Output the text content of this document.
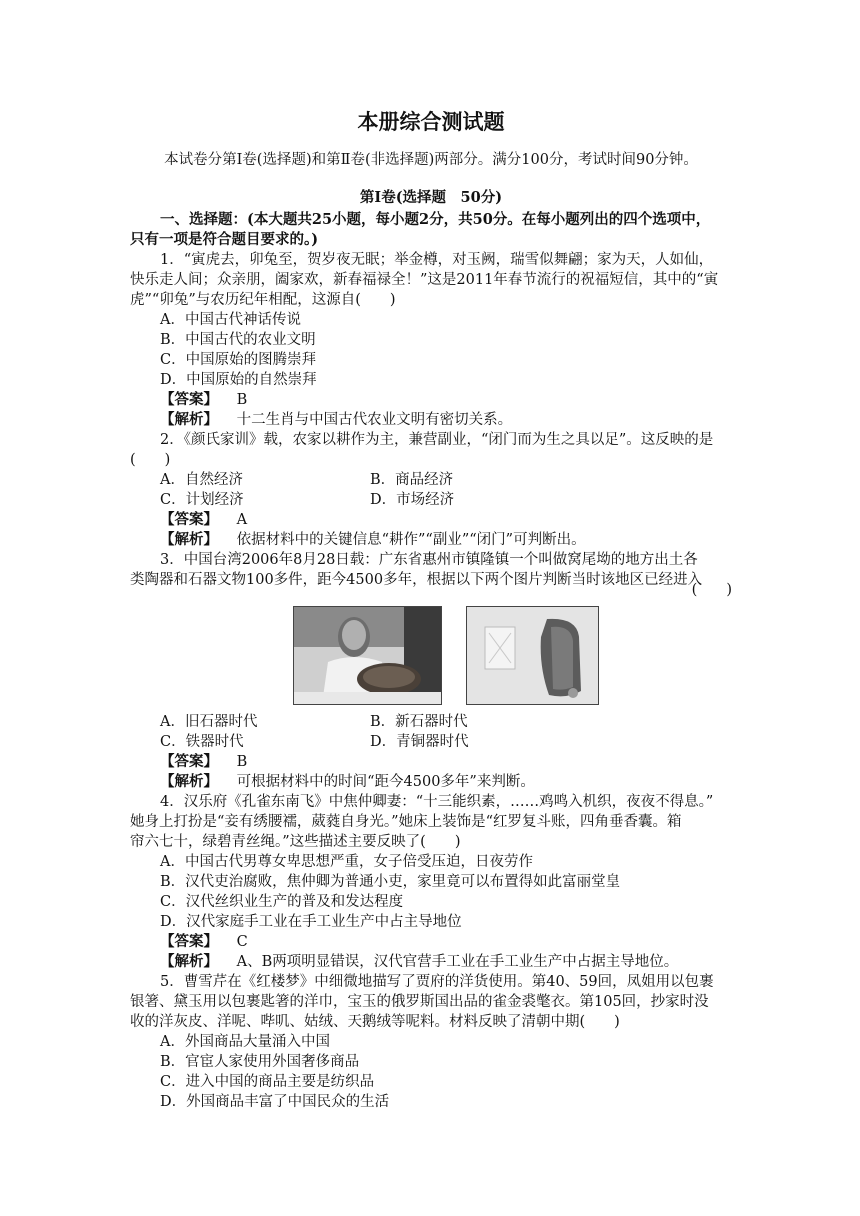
本册综合测试题
本试卷分第Ⅰ卷(选择题)和第Ⅱ卷(非选择题)两部分。满分100分，考试时间90分钟。
第Ⅰ卷(选择题　50分)
一、选择题：(本大题共25小题，每小题2分，共50分。在每小题列出的四个选项中，
只有一项是符合题目要求的。)
1．“寅虎去，卯兔至，贺岁夜无眠；举金樽，对玉阙，瑞雪似舞翩；家为天，人如仙，
快乐走人间；众亲朋，阖家欢，新春福禄全！”这是2011年春节流行的祝福短信，其中的“寅
虎”“卯兔”与农历纪年相配，这源自(　　)
A．中国古代神话传说
B．中国古代的农业文明
C．中国原始的图腾崇拜
D．中国原始的自然崇拜
【答案】 B
【解析】 十二生肖与中国古代农业文明有密切关系。
2．《颜氏家训》载，农家以耕作为主，兼营副业，“闭门而为生之具以足”。这反映的是
(　　)
A．自然经济	B．商品经济
C．计划经济	D．市场经济
【答案】 A
【解析】 依据材料中的关键信息“耕作”“副业”“闭门”可判断出。
3．中国台湾2006年8月28日载：广东省惠州市镇隆镇一个叫做窝尾坳的地方出土各
类陶器和石器文物100多件，距今4500多年，根据以下两个图片判断当时该地区已经进入
(　　)
A．旧石器时代	B．新石器时代
C．铁器时代	D．青铜器时代
【答案】 B
【解析】 可根据材料中的时间“距今4500多年”来判断。
4．汉乐府《孔雀东南飞》中焦仲卿妻：“十三能织素，……鸡鸣入机织，夜夜不得息。”
她身上打扮是“妾有绣腰襦，葳蕤自身光。”她床上装饰是“红罗复斗账，四角垂香囊。箱
帘六七十，绿碧青丝绳。”这些描述主要反映了(　　)
A．中国古代男尊女卑思想严重，女子倍受压迫，日夜劳作
B．汉代吏治腐败，焦仲卿为普通小吏，家里竟可以布置得如此富丽堂皇
C．汉代丝织业生产的普及和发达程度
D．汉代家庭手工业在手工业生产中占主导地位
【答案】 C
【解析】 A、B两项明显错误，汉代官营手工业在手工业生产中占据主导地位。
5．曹雪芹在《红楼梦》中细微地描写了贾府的洋货使用。第40、59回，凤姐用以包裹
银箸、黛玉用以包裹匙箸的洋巾，宝玉的俄罗斯国出品的雀金裘氅衣。第105回，抄家时没
收的洋灰皮、洋呢、哔叽、姑绒、天鹅绒等呢料。材料反映了清朝中期(　　)
A．外国商品大量涌入中国
B．官宦人家使用外国奢侈商品
C．进入中国的商品主要是纺织品
D．外国商品丰富了中国民众的生活
